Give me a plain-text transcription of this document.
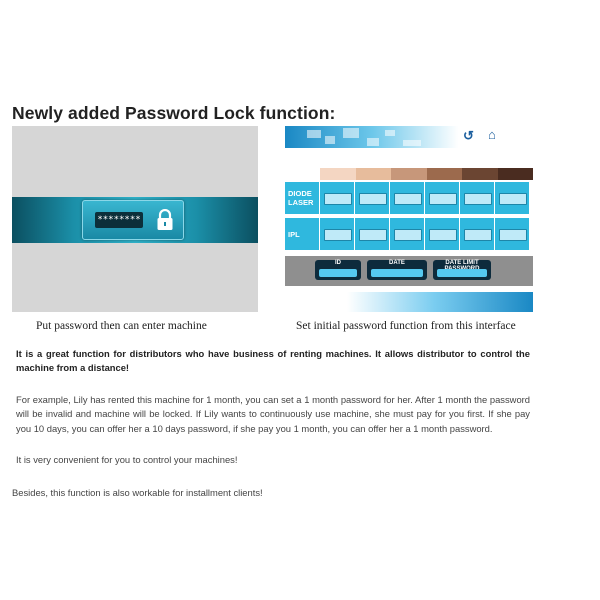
Newly added Password Lock function:
********
Put password then can enter machine
↺ ⌂
DIODE
LASER
IPL
ID	DATE	DATE LIMIT
Set initial password function from this interface
It is a great function for distributors who have business of renting machines. It allows distributor to control the machine from a distance!
For example, Lily has rented this machine for 1 month, you can set a 1 month password for her. After 1 month the password will be invalid and machine will be locked. If Lily wants to continuously use machine, she must pay for you first. If she pay you 10 days, you can offer her a 10 days password, if she pay you 1 month, you can offer her a 1 month password.
It is very convenient for you to control your machines!
Besides, this function is also workable for installment clients!
